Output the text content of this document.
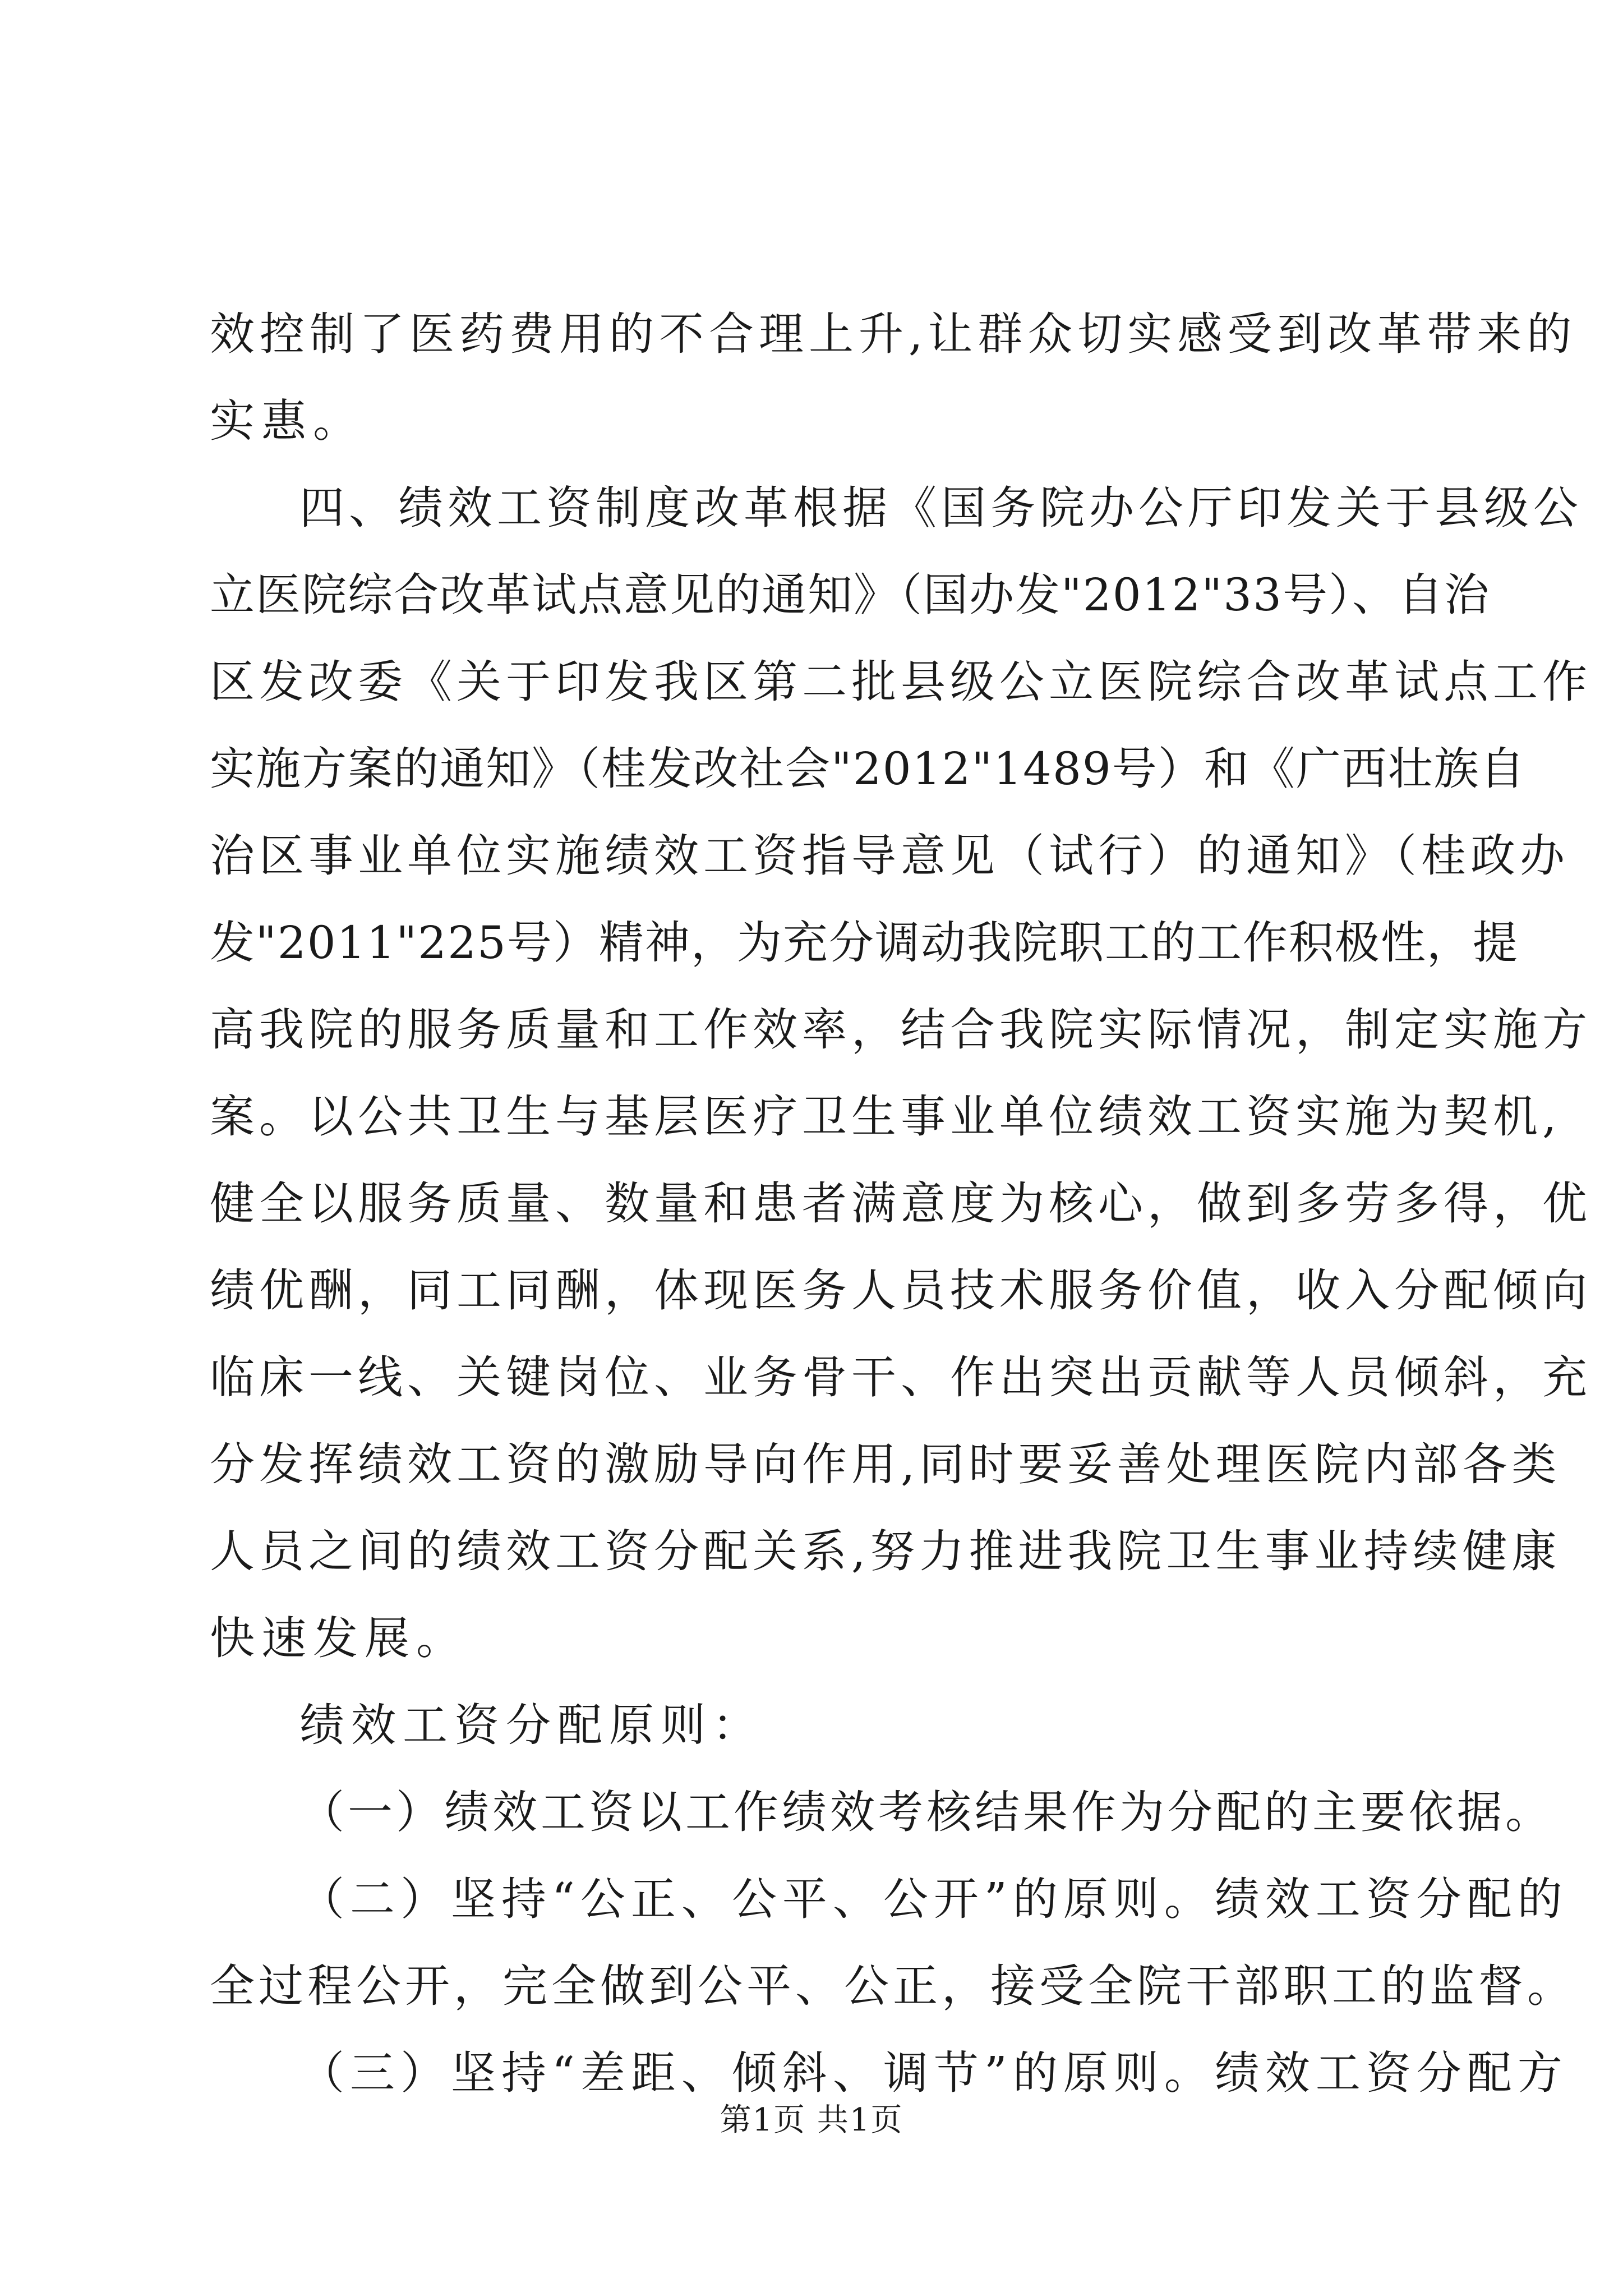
效控制了医药费用的不合理上升,让群众切实感受到改革带来的
实惠。
四、绩效工资制度改革根据《国务院办公厅印发关于县级公
立医院综合改革试点意见的通知》（国办发"2012"33号）、自治
区发改委《关于印发我区第二批县级公立医院综合改革试点工作
实施方案的通知》（桂发改社会"2012"1489号）和《广西壮族自
治区事业单位实施绩效工资指导意见（试行）的通知》（桂政办
发"2011"225号）精神，为充分调动我院职工的工作积极性，提
高我院的服务质量和工作效率，结合我院实际情况，制定实施方
案。以公共卫生与基层医疗卫生事业单位绩效工资实施为契机,
健全以服务质量、数量和患者满意度为核心，做到多劳多得，优
绩优酬，同工同酬，体现医务人员技术服务价值，收入分配倾向
临床一线、关键岗位、业务骨干、作出突出贡献等人员倾斜，充
分发挥绩效工资的激励导向作用,同时要妥善处理医院内部各类
人员之间的绩效工资分配关系,努力推进我院卫生事业持续健康
快速发展。
绩效工资分配原则：
（一）绩效工资以工作绩效考核结果作为分配的主要依据。
（二）坚持“公正、公平、公开”的原则。绩效工资分配的
全过程公开，完全做到公平、公正，接受全院干部职工的监督。
（三）坚持“差距、倾斜、调节”的原则。绩效工资分配方
第1页 共1页
